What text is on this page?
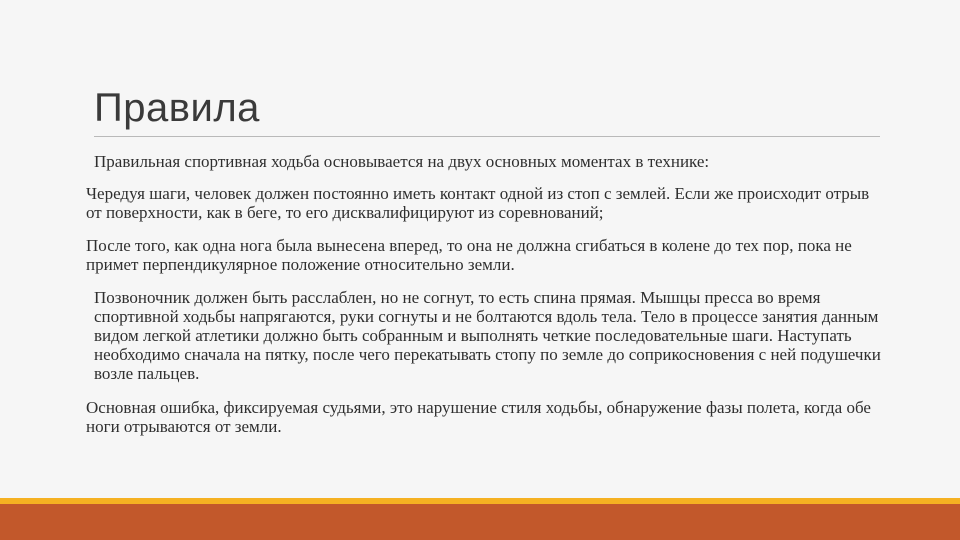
Правила

Правильная спортивная ходьба основывается на двух основных моментах в технике:

Чередуя шаги, человек должен постоянно иметь контакт одной из стоп с землей. Если же происходит отрыв от поверхности, как в беге, то его дисквалифицируют из соревнований;

После того, как одна нога была вынесена вперед, то она не должна сгибаться в колене до тех пор, пока не примет перпендикулярное положение относительно земли.

Позвоночник должен быть расслаблен, но не согнут, то есть спина прямая. Мышцы пресса во время спортивной ходьбы напрягаются, руки согнуты и не болтаются вдоль тела. Тело в процессе занятия данным видом легкой атлетики должно быть собранным и выполнять четкие последовательные шаги. Наступать необходимо сначала на пятку, после чего перекатывать стопу по земле до соприкосновения с ней подушечки возле пальцев.

Основная ошибка, фиксируемая судьями, это нарушение стиля ходьбы, обнаружение фазы полета, когда обе ноги отрываются от земли.
